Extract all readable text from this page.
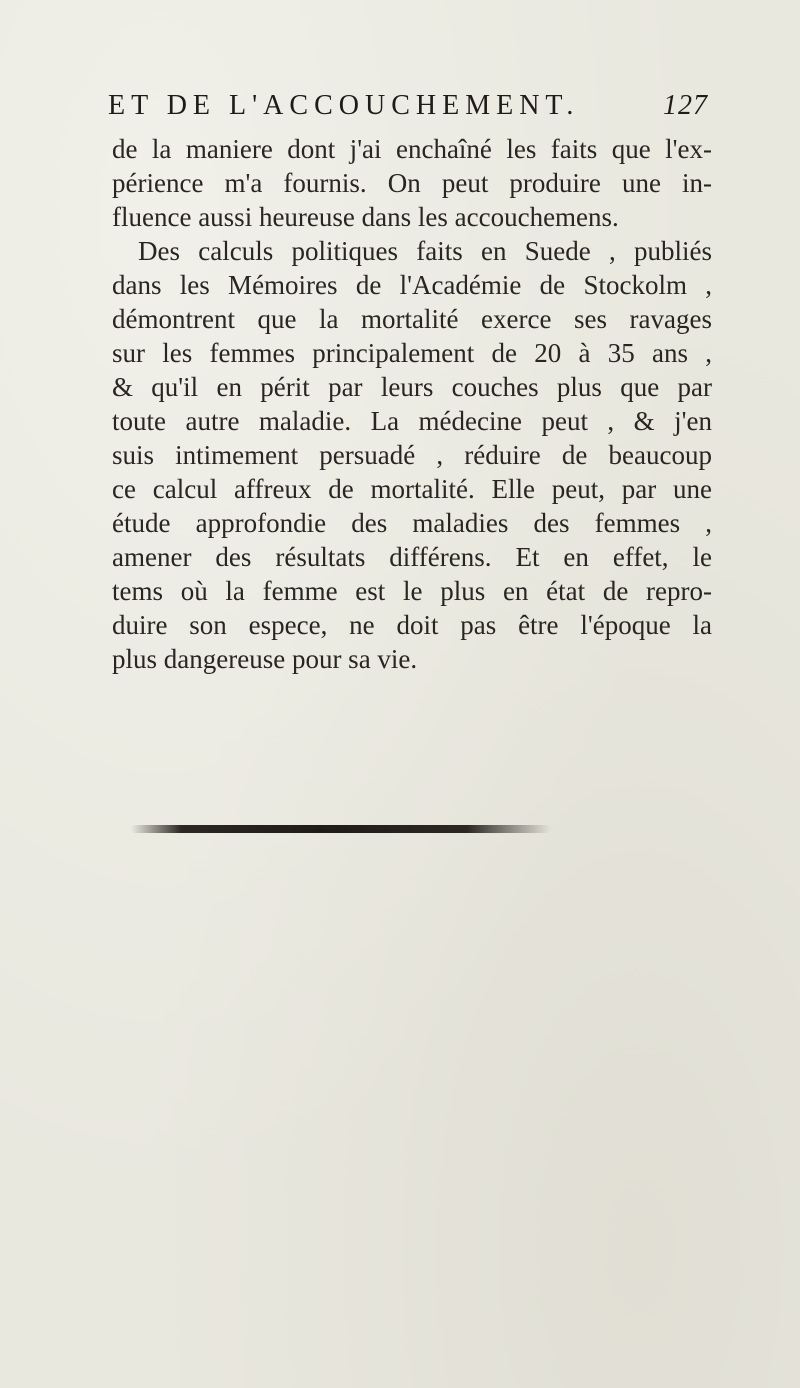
ET DE L'ACCOUCHEMENT.	127
de la maniere dont j'ai enchaîné les faits que l'ex-
périence m'a fournis. On peut produire une in-
fluence aussi heureuse dans les accouchemens.
Des calculs politiques faits en Suede , publiés
dans les Mémoires de l'Académie de Stockolm ,
démontrent que la mortalité exerce ses ravages
sur les femmes principalement de 20 à 35 ans ,
& qu'il en périt par leurs couches plus que par
toute autre maladie. La médecine peut , & j'en
suis intimement persuadé , réduire de beaucoup
ce calcul affreux de mortalité. Elle peut, par une
étude approfondie des maladies des femmes ,
amener des résultats différens. Et en effet, le
tems où la femme est le plus en état de repro-
duire son espece, ne doit pas être l'époque la
plus dangereuse pour sa vie.
